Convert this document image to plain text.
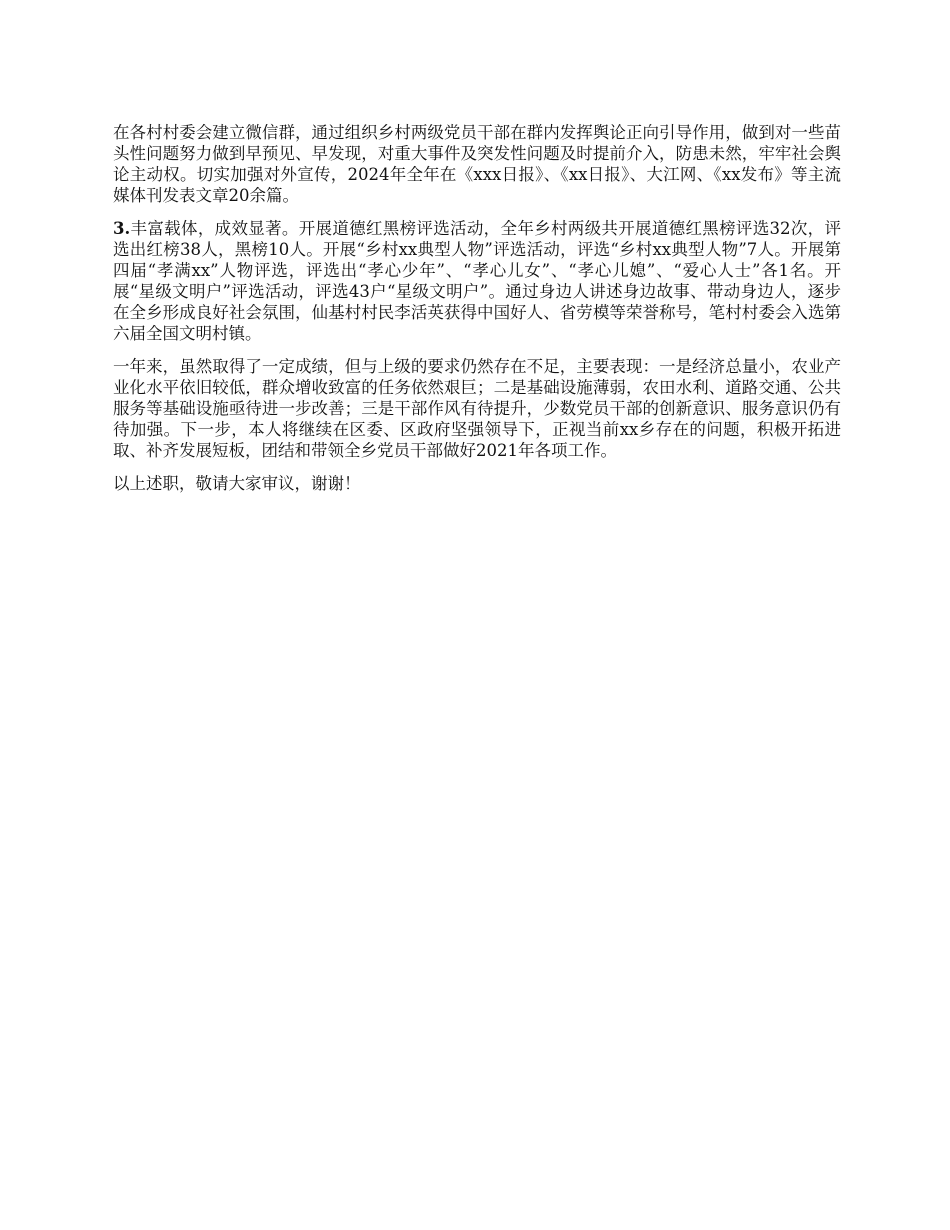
在各村村委会建立微信群，通过组织乡村两级党员干部在群内发挥舆论正向引导作用，做到对一些苗头性问题努力做到早预见、早发现，对重大事件及突发性问题及时提前介入，防患未然，牢牢社会舆论主动权。切实加强对外宣传，2024年全年在《xxx日报》、《xx日报》、大江网、《xx发布》等主流媒体刊发表文章20余篇。

3.丰富载体，成效显著。开展道德红黑榜评选活动，全年乡村两级共开展道德红黑榜评选32次，评选出红榜38人，黑榜10人。开展“乡村xx典型人物”评选活动，评选“乡村xx典型人物”7人。开展第四届“孝满xx”人物评选，评选出“孝心少年”、“孝心儿女”、“孝心儿媳”、“爱心人士”各1名。开展“星级文明户”评选活动，评选43户“星级文明户”。通过身边人讲述身边故事、带动身边人，逐步在全乡形成良好社会氛围，仙基村村民李活英获得中国好人、省劳模等荣誉称号，笔村村委会入选第六届全国文明村镇。

一年来，虽然取得了一定成绩，但与上级的要求仍然存在不足，主要表现：一是经济总量小，农业产业化水平依旧较低，群众增收致富的任务依然艰巨；二是基础设施薄弱，农田水利、道路交通、公共服务等基础设施亟待进一步改善；三是干部作风有待提升，少数党员干部的创新意识、服务意识仍有待加强。下一步，本人将继续在区委、区政府坚强领导下，正视当前xx乡存在的问题，积极开拓进取、补齐发展短板，团结和带领全乡党员干部做好2021年各项工作。

以上述职，敬请大家审议，谢谢！
